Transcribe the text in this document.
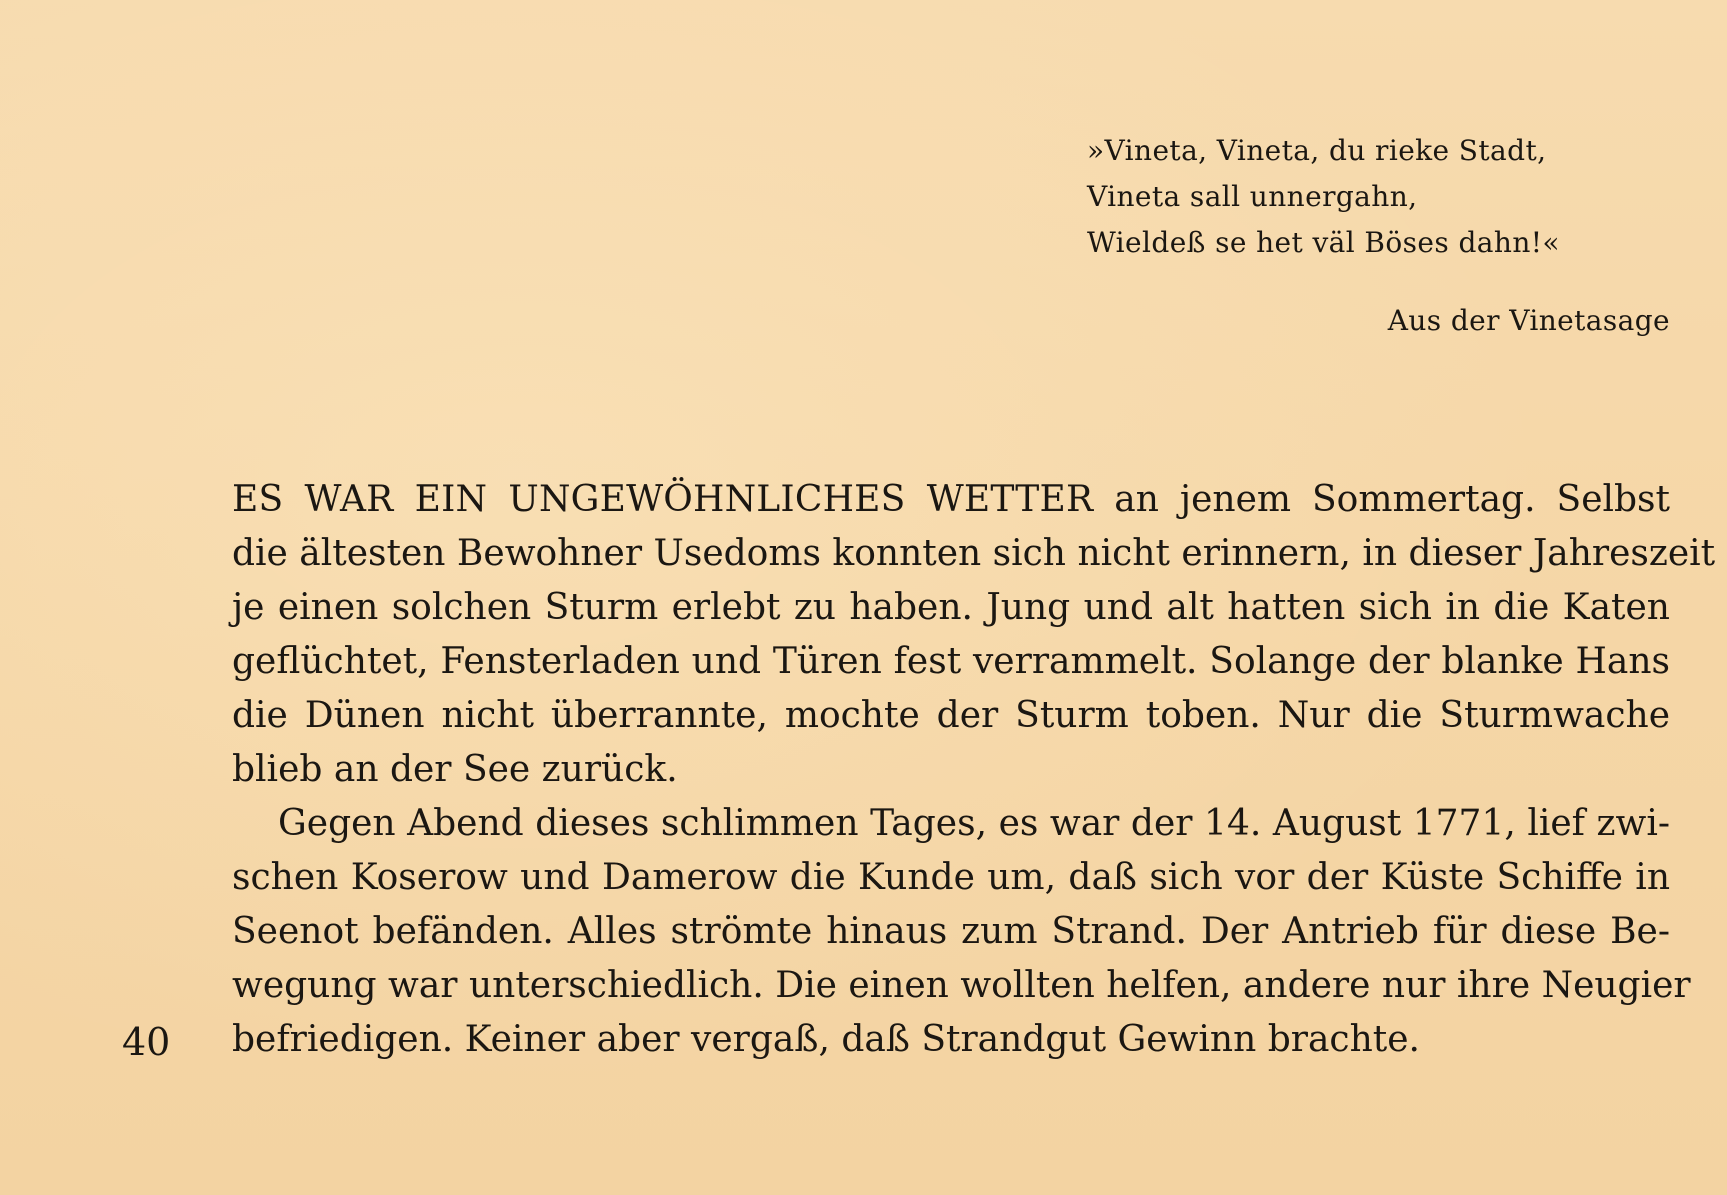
»Vineta, Vineta, du rieke Stadt,
Vineta sall unnergahn,
Wieldeß se het väl Böses dahn!«
Aus der Vinetasage
ES WAR EIN UNGEWÖHNLICHES WETTER an jenem Sommertag. Selbst
die ältesten Bewohner Usedoms konnten sich nicht erinnern, in dieser Jahreszeit
je einen solchen Sturm erlebt zu haben. Jung und alt hatten sich in die Katen
geflüchtet, Fensterladen und Türen fest verrammelt. Solange der blanke Hans
die Dünen nicht überrannte, mochte der Sturm toben. Nur die Sturmwache
blieb an der See zurück.
Gegen Abend dieses schlimmen Tages, es war der 14. August 1771, lief zwi-
schen Koserow und Damerow die Kunde um, daß sich vor der Küste Schiffe in
Seenot befänden. Alles strömte hinaus zum Strand. Der Antrieb für diese Be-
wegung war unterschiedlich. Die einen wollten helfen, andere nur ihre Neugier
befriedigen. Keiner aber vergaß, daß Strandgut Gewinn brachte.
40
